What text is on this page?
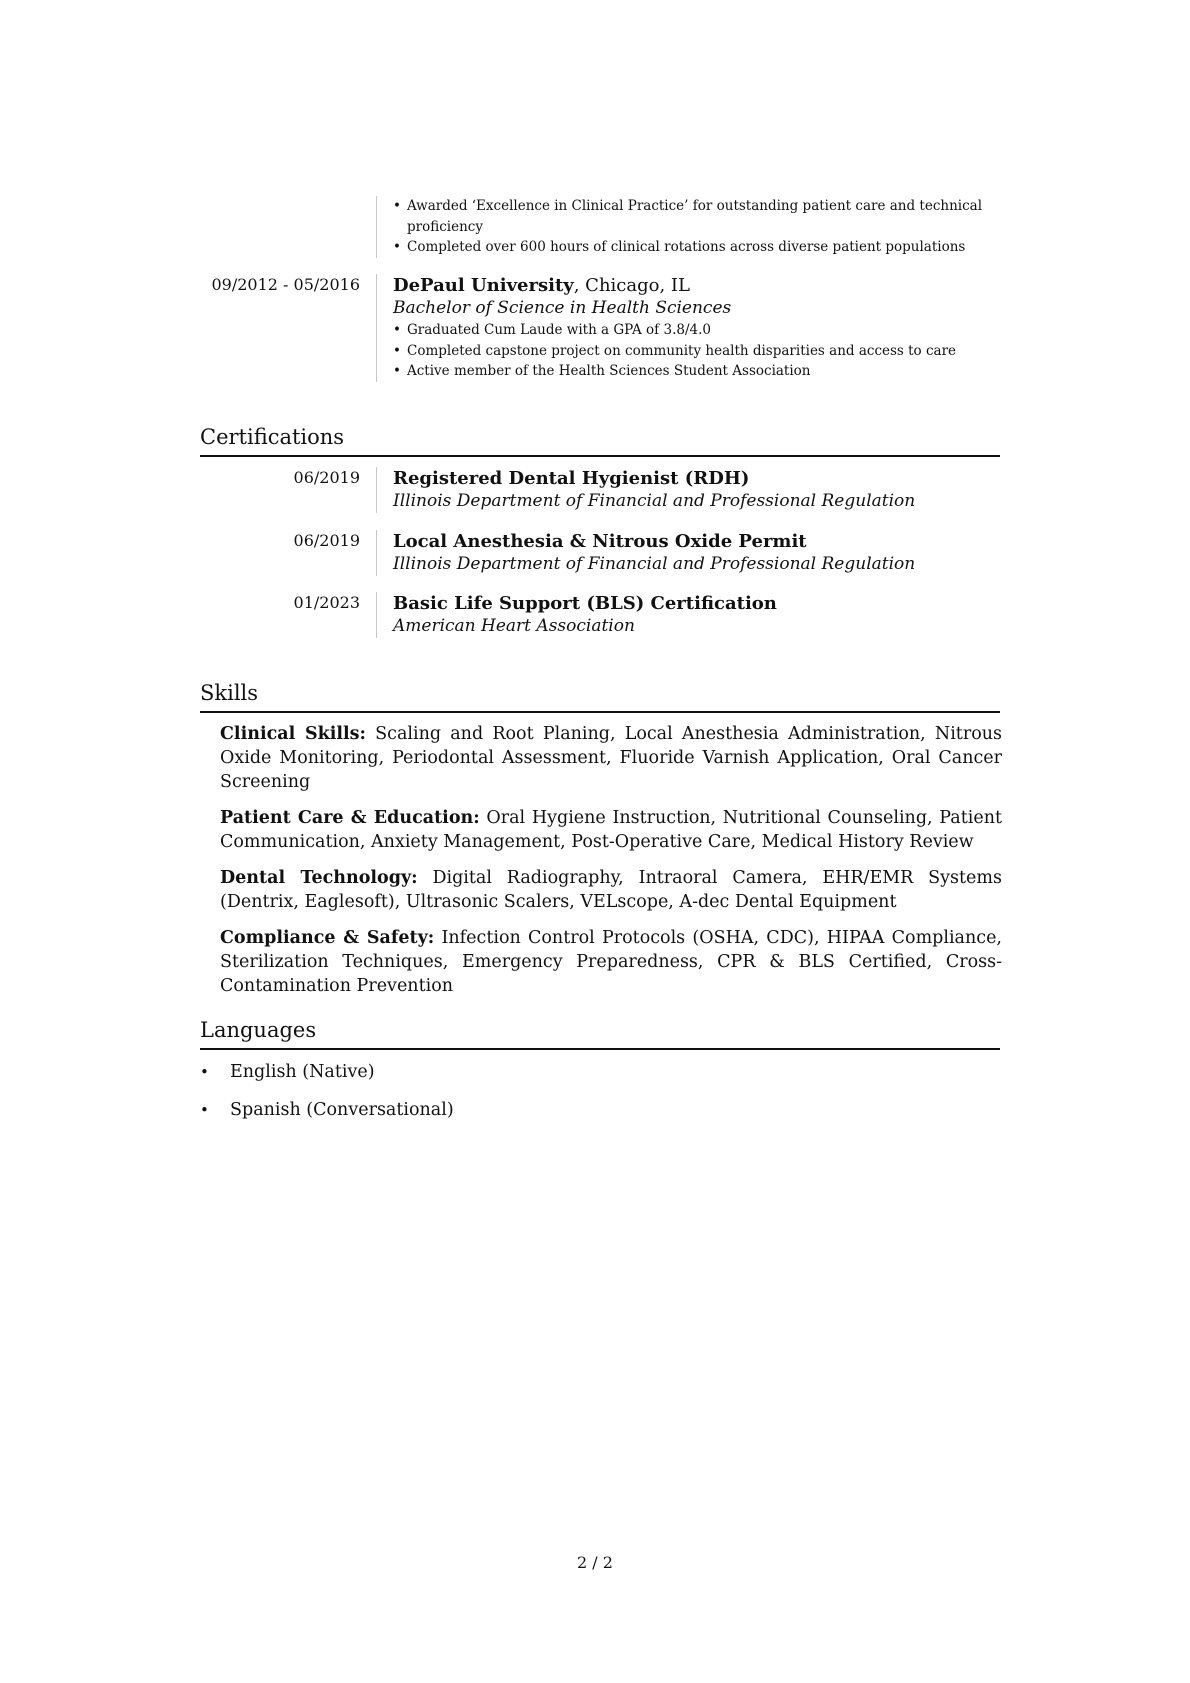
• Awarded ‘Excellence in Clinical Practice’ for outstanding patient care and technical proficiency
• Completed over 600 hours of clinical rotations across diverse patient populations
09/2012 - 05/2016	DePaul University, Chicago, IL
Bachelor of Science in Health Sciences
• Graduated Cum Laude with a GPA of 3.8/4.0
• Completed capstone project on community health disparities and access to care
• Active member of the Health Sciences Student Association
Certifications
06/2019	Registered Dental Hygienist (RDH)
Illinois Department of Financial and Professional Regulation
06/2019	Local Anesthesia & Nitrous Oxide Permit
Illinois Department of Financial and Professional Regulation
01/2023	Basic Life Support (BLS) Certification
American Heart Association
Skills

Clinical Skills: Scaling and Root Planing, Local Anesthesia Administration, Nitrous Oxide Monitoring, Periodontal Assessment, Fluoride Varnish Application, Oral Cancer Screening

Patient Care & Education: Oral Hygiene Instruction, Nutritional Counseling, Patient Communication, Anxiety Management, Post-Operative Care, Medical History Review

Dental Technology: Digital Radiography, Intraoral Camera, EHR/EMR Systems (Dentrix, Eaglesoft), Ultrasonic Scalers, VELscope, A-dec Dental Equipment

Compliance & Safety: Infection Control Protocols (OSHA, CDC), HIPAA Compliance, Sterilization Techniques, Emergency Preparedness, CPR & BLS Certified, Cross-Contamination Prevention

Languages
• English (Native)
• Spanish (Conversational)
2 / 2
